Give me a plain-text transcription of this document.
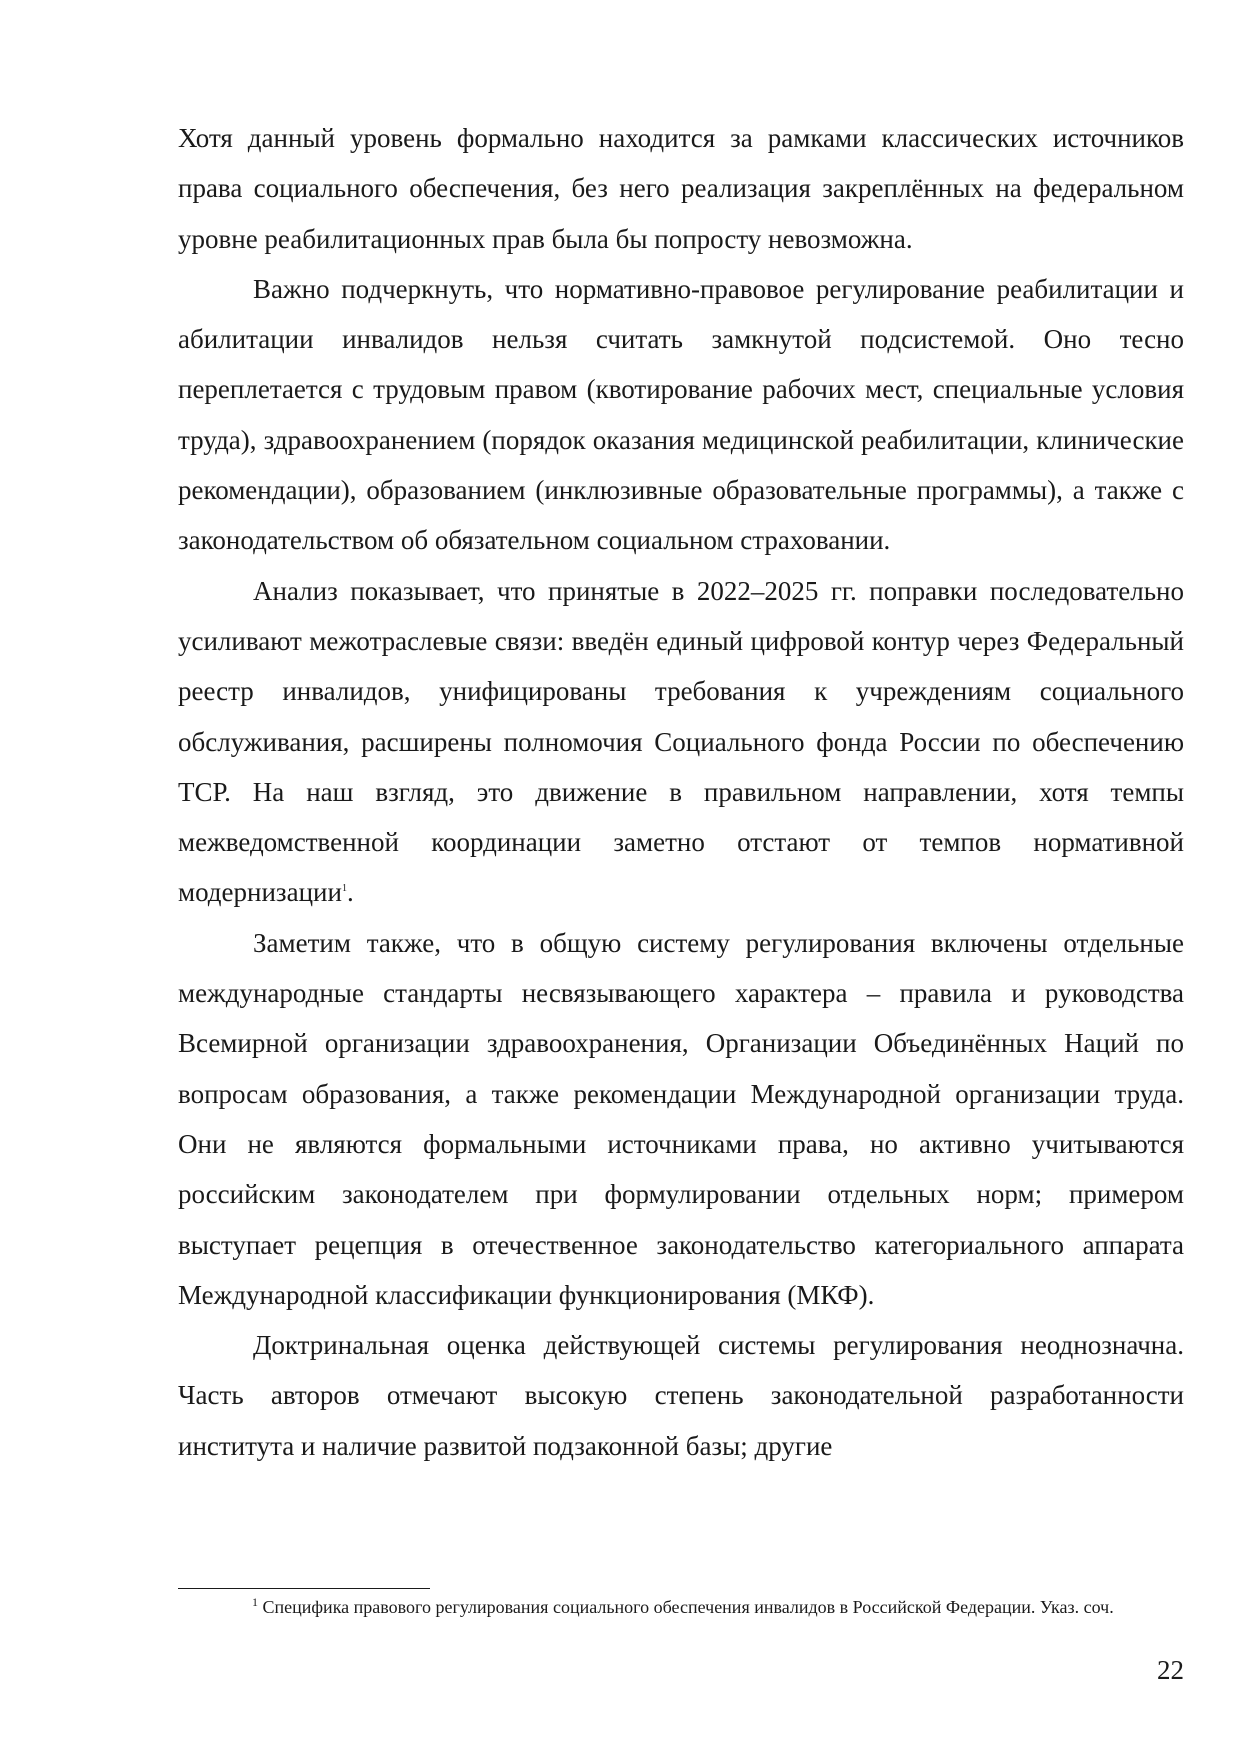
Хотя данный уровень формально находится за рамками классических источников права социального обеспечения, без него реализация закреплённых на федеральном уровне реабилитационных прав была бы попросту невозможна.

Важно подчеркнуть, что нормативно-правовое регулирование реабилитации и абилитации инвалидов нельзя считать замкнутой подсистемой. Оно тесно переплетается с трудовым правом (квотирование рабочих мест, специальные условия труда), здравоохранением (порядок оказания медицинской реабилитации, клинические рекомендации), образованием (инклюзивные образовательные программы), а также с законодательством об обязательном социальном страховании.

Анализ показывает, что принятые в 2022–2025 гг. поправки последовательно усиливают межотраслевые связи: введён единый цифровой контур через Федеральный реестр инвалидов, унифицированы требования к учреждениям социального обслуживания, расширены полномочия Социального фонда России по обеспечению ТСР. На наш взгляд, это движение в правильном направлении, хотя темпы межведомственной координации заметно отстают от темпов нормативной модернизации$^1$.

Заметим также, что в общую систему регулирования включены отдельные международные стандарты несвязывающего характера – правила и руководства Всемирной организации здравоохранения, Организации Объединённых Наций по вопросам образования, а также рекомендации Международной организации труда. Они не являются формальными источниками права, но активно учитываются российским законодателем при формулировании отдельных норм; примером выступает рецепция в отечественное законодательство категориального аппарата Международной классификации функционирования (МКФ).

Доктринальная оценка действующей системы регулирования неоднозначна. Часть авторов отмечают высокую степень законодательной разработанности института и наличие развитой подзаконной базы; другие

$^1$ Специфика правового регулирования социального обеспечения инвалидов в Российской Федерации. Указ. соч.
22
